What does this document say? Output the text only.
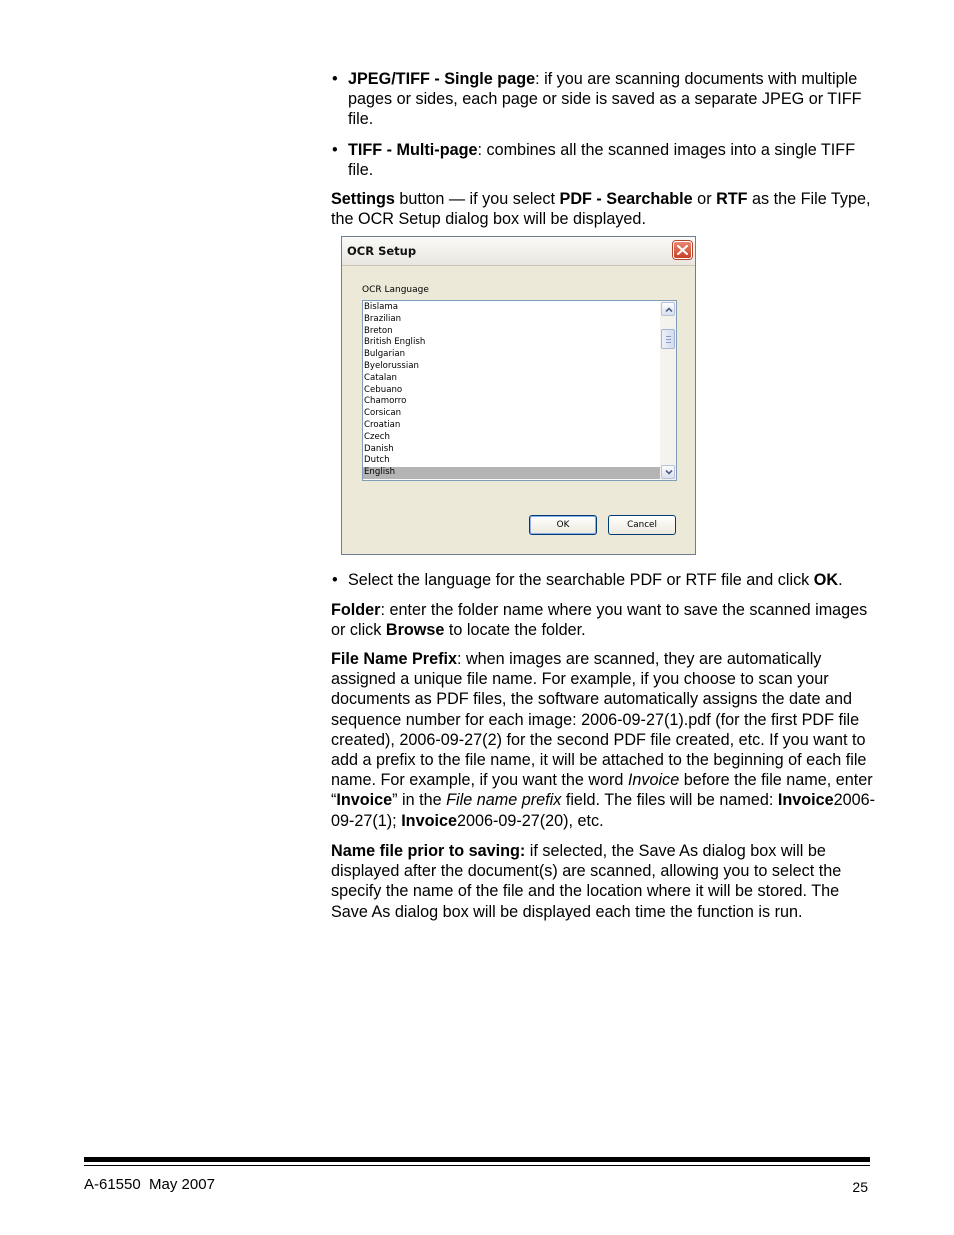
• JPEG/TIFF - Single page: if you are scanning documents with multiple pages or sides, each page or side is saved as a separate JPEG or TIFF file.

• TIFF - Multi-page: combines all the scanned images into a single TIFF file.

Settings button — if you select PDF - Searchable or RTF as the File Type, the OCR Setup dialog box will be displayed.

OCR Setup
OCR Language
Bislama
Brazilian
Breton
British English
Bulgarian
Byelorussian
Catalan
Cebuano
Chamorro
Corsican
Croatian
Czech
Danish
Dutch
English
OK	Cancel

• Select the language for the searchable PDF or RTF file and click OK.

Folder: enter the folder name where you want to save the scanned images or click Browse to locate the folder.

File Name Prefix: when images are scanned, they are automatically assigned a unique file name. For example, if you choose to scan your documents as PDF files, the software automatically assigns the date and sequence number for each image: 2006-09-27(1).pdf (for the first PDF file created), 2006-09-27(2) for the second PDF file created, etc. If you want to add a prefix to the file name, it will be attached to the beginning of each file name. For example, if you want the word Invoice before the file name, enter “Invoice” in the File name prefix field. The files will be named: Invoice2006-09-27(1); Invoice2006-09-27(20), etc.

Name file prior to saving: if selected, the Save As dialog box will be displayed after the document(s) are scanned, allowing you to select the specify the name of the file and the location where it will be stored. The Save As dialog box will be displayed each time the function is run.

A-61550  May 2007	25
